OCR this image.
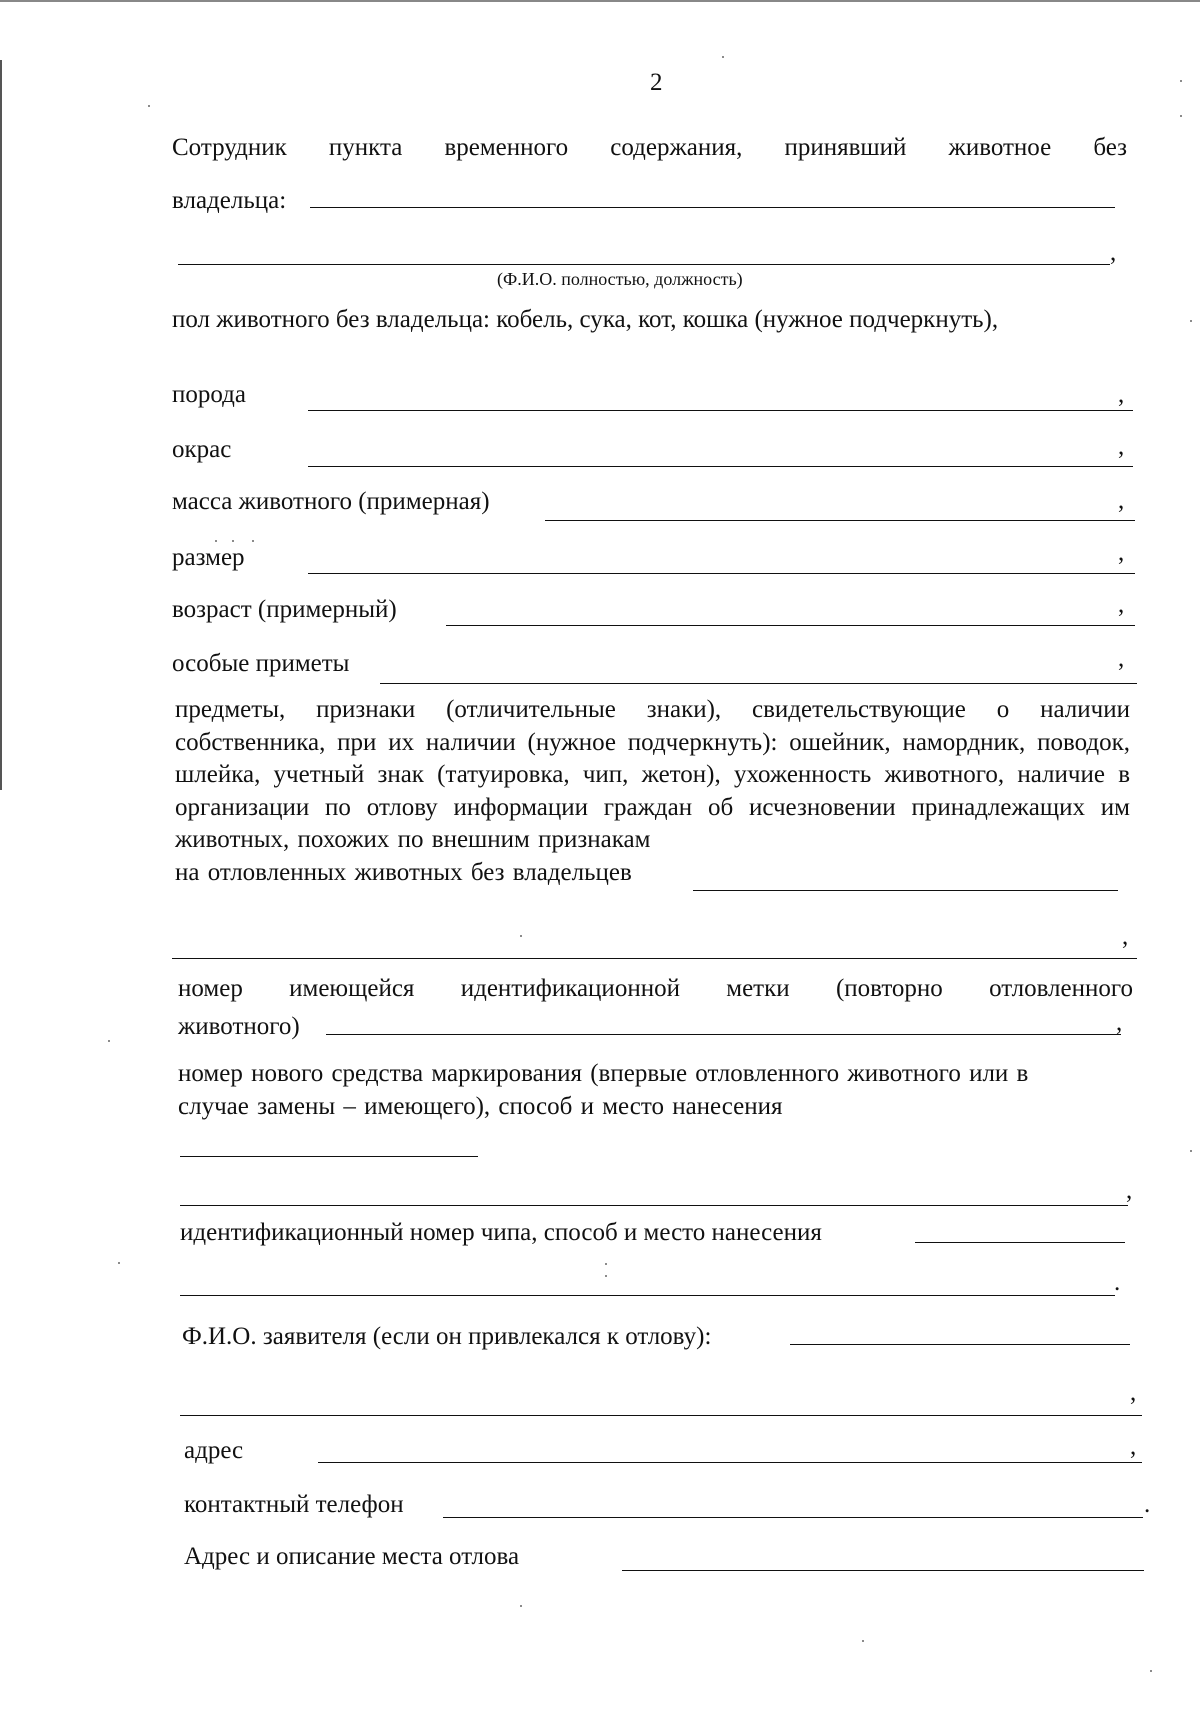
2
Сотрудник пункта временного содержания, принявший животное без
владельца:
,
(Ф.И.О. полностью, должность)
пол животного без владельца: кобель, сука, кот, кошка (нужное подчеркнуть),
порода	,
окрас	,
масса животного (примерная)	,
размер	,
возраст (примерный)	,
особые приметы	,
предметы, признаки (отличительные знаки), свидетельствующие о наличии собственника, при их наличии (нужное подчеркнуть): ошейник, намордник, поводок, шлейка, учетный знак (татуировка, чип, жетон), ухоженность животного, наличие в организации по отлову информации граждан об исчезновении принадлежащих им животных, похожих по внешним признакам
на отловленных животных без владельцев
,
номер имеющейся идентификационной метки (повторно отловленного
животного)	,
номер нового средства маркирования (впервые отловленного животного или в
случае замены – имеющего), способ и место нанесения
,
идентификационный номер чипа, способ и место нанесения
.
Ф.И.О. заявителя (если он привлекался к отлову):
,
адрес	,
контактный телефон	.
Адрес и описание места отлова
